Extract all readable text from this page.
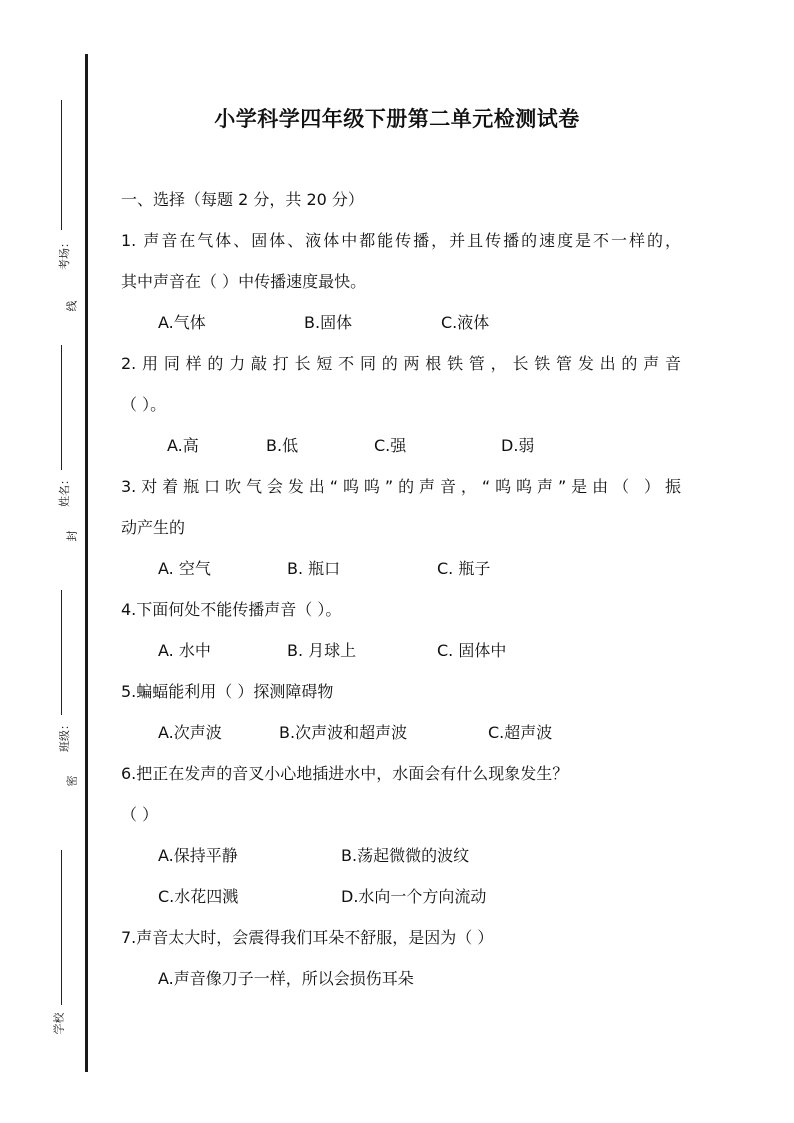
考场：
姓名：
班级：
学校
线
封
密
小学科学四年级下册第二单元检测试卷
一、选择（每题 2 分，共 20 分）
1. 声音在气体、固体、液体中都能传播，并且传播的速度是不一样的，
其中声音在（ ）中传播速度最快。
A.气体	B.固体	C.液体
2.用同样的力敲打长短不同的两根铁管，长铁管发出的声音
（ ）。
A.高	B.低	C.强	D.弱
3.对着瓶口吹气会发出“呜呜”的声音，“呜呜声”是由（ ）振
动产生的
A. 空气	B. 瓶口	C. 瓶子
4.下面何处不能传播声音（ ）。
A. 水中	B. 月球上	C. 固体中
5.蝙蝠能利用（ ）探测障碍物
A.次声波	B.次声波和超声波	C.超声波
6.把正在发声的音叉小心地插进水中，水面会有什么现象发生？
（ ）
A.保持平静	B.荡起微微的波纹
C.水花四溅	D.水向一个方向流动
7.声音太大时，会震得我们耳朵不舒服，是因为（ ）
A.声音像刀子一样，所以会损伤耳朵
